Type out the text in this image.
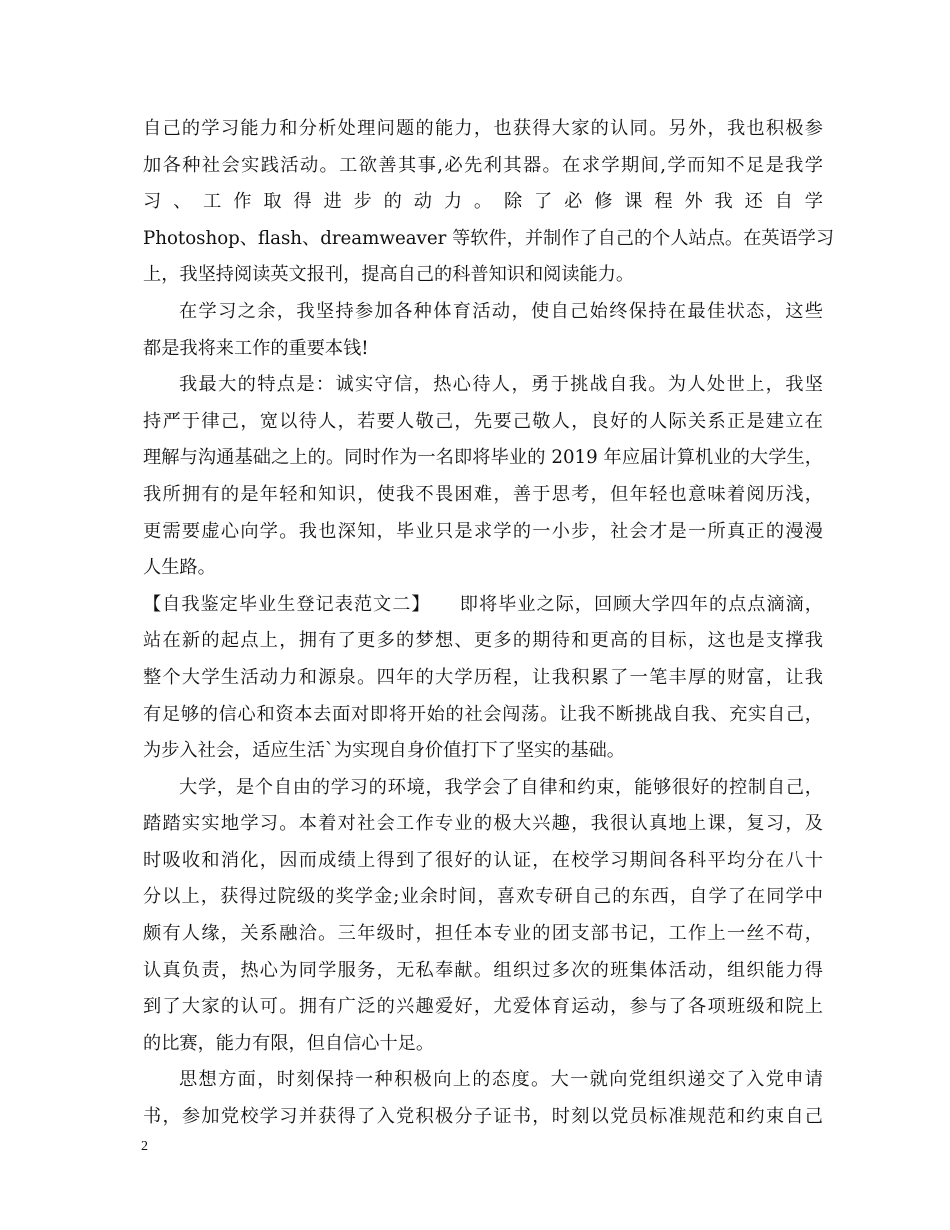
自己的学习能力和分析处理问题的能力，也获得大家的认同。另外，我也积极参
加各种社会实践活动。工欲善其事,必先利其器。在求学期间,学而知不足是我学
习 、 工 作 取 得 进 步 的 动 力 。 除 了 必 修 课 程 外 我 还 自 学
Photoshop、flash、dreamweaver 等软件，并制作了自己的个人站点。在英语学习
上，我坚持阅读英文报刊，提高自己的科普知识和阅读能力。
在学习之余，我坚持参加各种体育活动，使自己始终保持在最佳状态，这些
都是我将来工作的重要本钱!
我最大的特点是：诚实守信，热心待人，勇于挑战自我。为人处世上，我坚
持严于律己，宽以待人，若要人敬己，先要己敬人，良好的人际关系正是建立在
理解与沟通基础之上的。同时作为一名即将毕业的 2019 年应届计算机业的大学生，
我所拥有的是年轻和知识，使我不畏困难，善于思考，但年轻也意味着阅历浅，
更需要虚心向学。我也深知，毕业只是求学的一小步，社会才是一所真正的漫漫
人生路。
【自我鉴定毕业生登记表范文二】　　即将毕业之际，回顾大学四年的点点滴滴，
站在新的起点上，拥有了更多的梦想、更多的期待和更高的目标，这也是支撑我
整个大学生活动力和源泉。四年的大学历程，让我积累了一笔丰厚的财富，让我
有足够的信心和资本去面对即将开始的社会闯荡。让我不断挑战自我、充实自己，
为步入社会，适应生活`为实现自身价值打下了坚实的基础。
大学，是个自由的学习的环境，我学会了自律和约束，能够很好的控制自己，
踏踏实实地学习。本着对社会工作专业的极大兴趣，我很认真地上课，复习，及
时吸收和消化，因而成绩上得到了很好的认证，在校学习期间各科平均分在八十
分以上，获得过院级的奖学金;业余时间，喜欢专研自己的东西，自学了在同学中
颇有人缘，关系融洽。三年级时，担任本专业的团支部书记，工作上一丝不苟，
认真负责，热心为同学服务，无私奉献。组织过多次的班集体活动，组织能力得
到了大家的认可。拥有广泛的兴趣爱好，尤爱体育运动，参与了各项班级和院上
的比赛，能力有限，但自信心十足。
思想方面，时刻保持一种积极向上的态度。大一就向党组织递交了入党申请
书，参加党校学习并获得了入党积极分子证书，时刻以党员标准规范和约束自己
2
